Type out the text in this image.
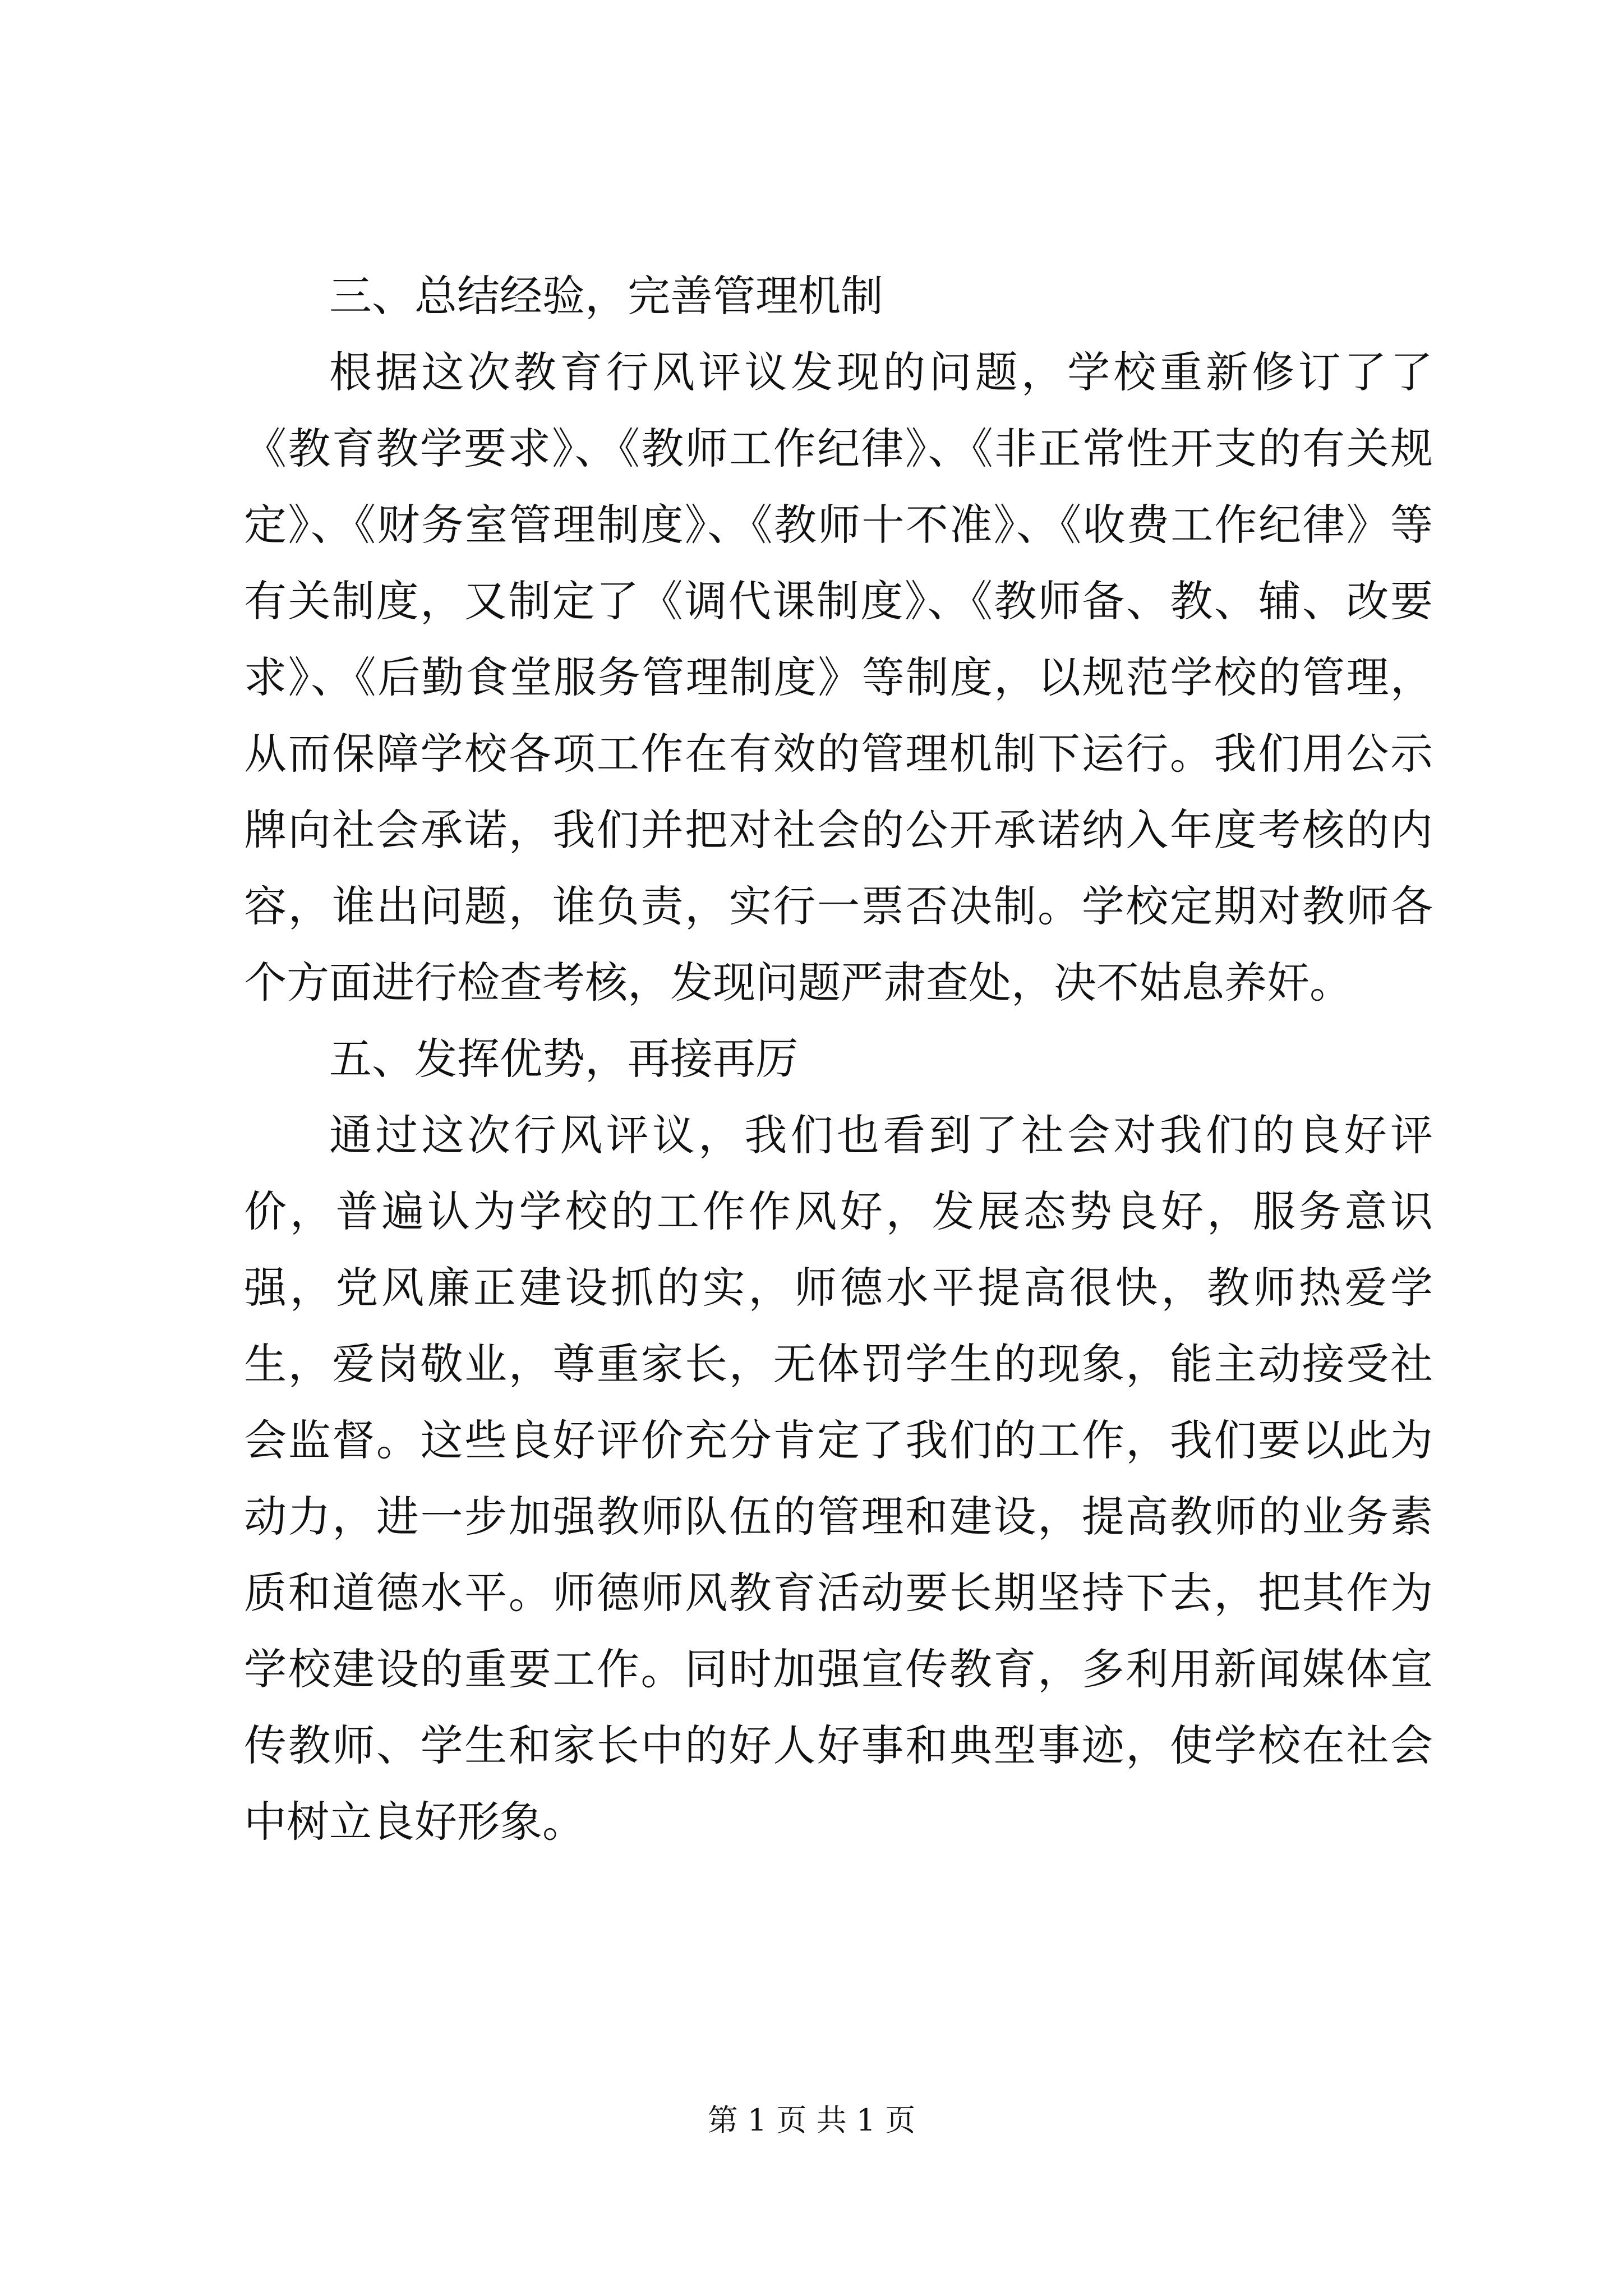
三、总结经验，完善管理机制

根据这次教育行风评议发现的问题，学校重新修订了了《教育教学要求》、《教师工作纪律》、《非正常性开支的有关规定》、《财务室管理制度》、《教师十不准》、《收费工作纪律》等有关制度，又制定了《调代课制度》、《教师备、教、辅、改要求》、《后勤食堂服务管理制度》等制度，以规范学校的管理，从而保障学校各项工作在有效的管理机制下运行。我们用公示牌向社会承诺，我们并把对社会的公开承诺纳入年度考核的内容，谁出问题，谁负责，实行一票否决制。学校定期对教师各个方面进行检查考核，发现问题严肃查处，决不姑息养奸。

五、发挥优势，再接再厉

通过这次行风评议，我们也看到了社会对我们的良好评价，普遍认为学校的工作作风好，发展态势良好，服务意识强，党风廉正建设抓的实，师德水平提高很快，教师热爱学生，爱岗敬业，尊重家长，无体罚学生的现象，能主动接受社会监督。这些良好评价充分肯定了我们的工作，我们要以此为动力，进一步加强教师队伍的管理和建设，提高教师的业务素质和道德水平。师德师风教育活动要长期坚持下去，把其作为学校建设的重要工作。同时加强宣传教育，多利用新闻媒体宣传教师、学生和家长中的好人好事和典型事迹，使学校在社会中树立良好形象。

第 1 页 共 1 页
